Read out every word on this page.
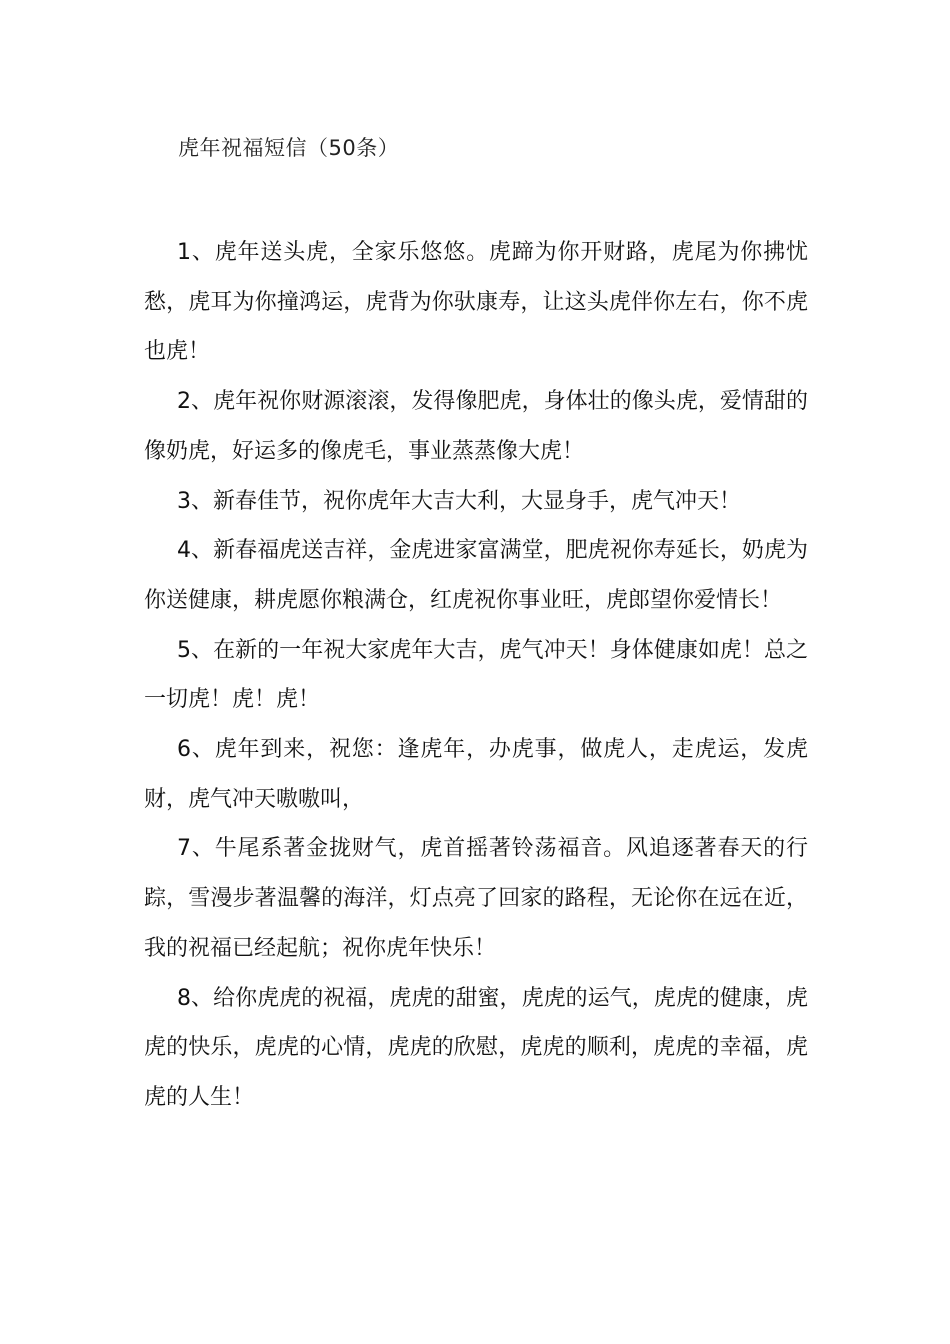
虎年祝福短信（50条）

1、虎年送头虎，全家乐悠悠。虎蹄为你开财路，虎尾为你拂忧愁，虎耳为你撞鸿运，虎背为你驮康寿，让这头虎伴你左右，你不虎也虎！

2、虎年祝你财源滚滚，发得像肥虎，身体壮的像头虎，爱情甜的像奶虎，好运多的像虎毛，事业蒸蒸像大虎！

3、新春佳节，祝你虎年大吉大利，大显身手，虎气冲天！

4、新春福虎送吉祥，金虎进家富满堂，肥虎祝你寿延长，奶虎为你送健康，耕虎愿你粮满仓，红虎祝你事业旺，虎郎望你爱情长！

5、在新的一年祝大家虎年大吉，虎气冲天！身体健康如虎！总之一切虎！虎！虎！

6、虎年到来，祝您：逢虎年，办虎事，做虎人，走虎运，发虎财，虎气冲天嗷嗷叫，

7、牛尾系著金拢财气，虎首摇著铃荡福音。风追逐著春天的行踪，雪漫步著温馨的海洋，灯点亮了回家的路程，无论你在远在近，我的祝福已经起航；祝你虎年快乐！

8、给你虎虎的祝福，虎虎的甜蜜，虎虎的运气，虎虎的健康，虎虎的快乐，虎虎的心情，虎虎的欣慰，虎虎的顺利，虎虎的幸福，虎虎的人生！
